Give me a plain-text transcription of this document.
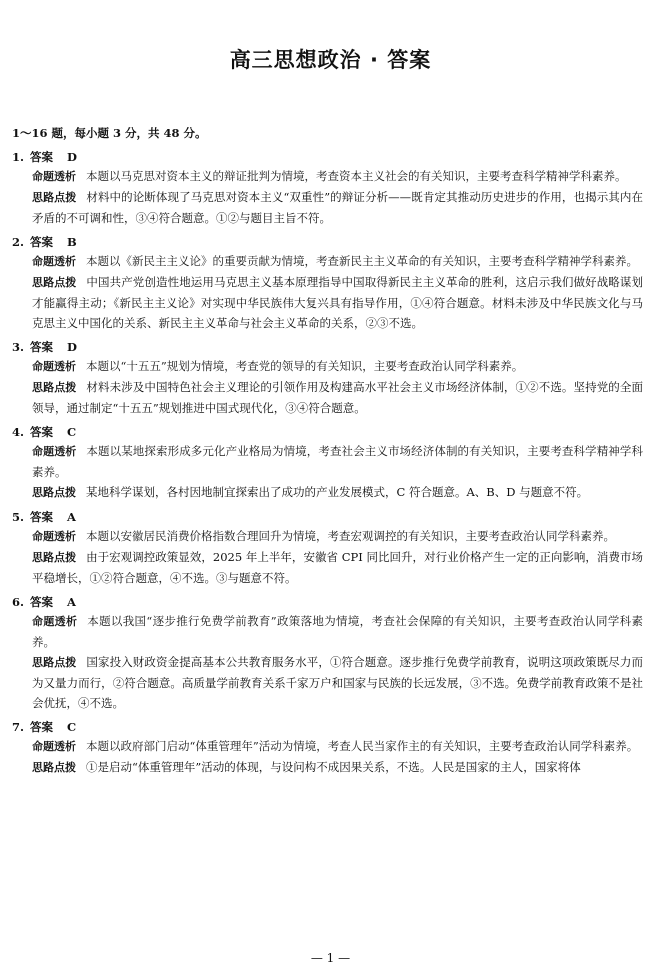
高三思想政治 · 答案
1～16 题，每小题 3 分，共 48 分。
1. 答案 D
命题透析 本题以马克思对资本主义的辩证批判为情境，考查资本主义社会的有关知识，主要考查科学精神学科素养。
思路点拨 材料中的论断体现了马克思对资本主义“双重性”的辩证分析——既肯定其推动历史进步的作用，也揭示其内在矛盾的不可调和性，③④符合题意。①②与题目主旨不符。
2. 答案 B
命题透析 本题以《新民主主义论》的重要贡献为情境，考查新民主主义革命的有关知识，主要考查科学精神学科素养。
思路点拨 中国共产党创造性地运用马克思主义基本原理指导中国取得新民主主义革命的胜利，这启示我们做好战略谋划才能赢得主动；《新民主主义论》对实现中华民族伟大复兴具有指导作用，①④符合题意。材料未涉及中华民族文化与马克思主义中国化的关系、新民主主义革命与社会主义革命的关系，②③不选。
3. 答案 D
命题透析 本题以“十五五”规划为情境，考查党的领导的有关知识，主要考查政治认同学科素养。
思路点拨 材料未涉及中国特色社会主义理论的引领作用及构建高水平社会主义市场经济体制，①②不选。坚持党的全面领导，通过制定“十五五”规划推进中国式现代化，③④符合题意。
4. 答案 C
命题透析 本题以某地探索形成多元化产业格局为情境，考查社会主义市场经济体制的有关知识，主要考查科学精神学科素养。
思路点拨 某地科学谋划，各村因地制宜探索出了成功的产业发展模式，C 符合题意。A、B、D 与题意不符。
5. 答案 A
命题透析 本题以安徽居民消费价格指数合理回升为情境，考查宏观调控的有关知识，主要考查政治认同学科素养。
思路点拨 由于宏观调控政策显效，2025 年上半年，安徽省 CPI 同比回升，对行业价格产生一定的正向影响，消费市场平稳增长，①②符合题意，④不选。③与题意不符。
6. 答案 A
命题透析 本题以我国“逐步推行免费学前教育”政策落地为情境，考查社会保障的有关知识，主要考查政治认同学科素养。
思路点拨 国家投入财政资金提高基本公共教育服务水平，①符合题意。逐步推行免费学前教育，说明这项政策既尽力而为又量力而行，②符合题意。高质量学前教育关系千家万户和国家与民族的长远发展，③不选。免费学前教育政策不是社会优抚，④不选。
7. 答案 C
命题透析 本题以政府部门启动“体重管理年”活动为情境，考查人民当家作主的有关知识，主要考查政治认同学科素养。
思路点拨 ①是启动“体重管理年”活动的体现，与设问构不成因果关系，不选。人民是国家的主人，国家将体
— 1 —
